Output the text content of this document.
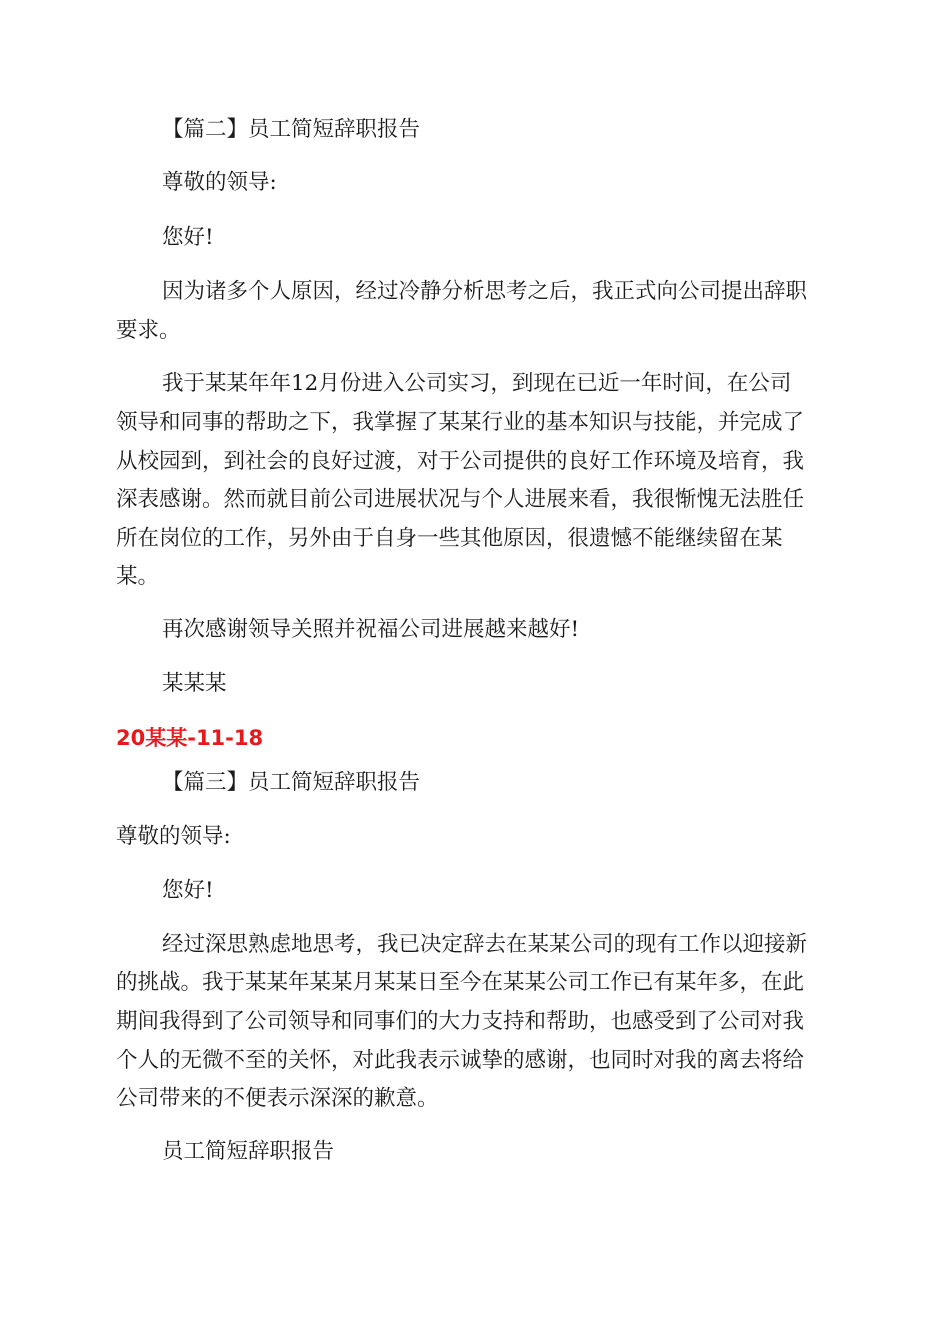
【篇二】员工简短辞职报告

尊敬的领导:

您好!

因为诸多个人原因，经过冷静分析思考之后，我正式向公司提出辞职

要求。

我于某某年年12月份进入公司实习，到现在已近一年时间，在公司

领导和同事的帮助之下，我掌握了某某行业的基本知识与技能，并完成了

从校园到，到社会的良好过渡，对于公司提供的良好工作环境及培育，我

深表感谢。然而就目前公司进展状况与个人进展来看，我很惭愧无法胜任

所在岗位的工作，另外由于自身一些其他原因，很遗憾不能继续留在某

某。

再次感谢领导关照并祝福公司进展越来越好!

某某某

20某某-11-18

【篇三】员工简短辞职报告

尊敬的领导:

您好!

经过深思熟虑地思考，我已决定辞去在某某公司的现有工作以迎接新

的挑战。我于某某年某某月某某日至今在某某公司工作已有某年多，在此

期间我得到了公司领导和同事们的大力支持和帮助，也感受到了公司对我

个人的无微不至的关怀，对此我表示诚挚的感谢，也同时对我的离去将给

公司带来的不便表示深深的歉意。

员工简短辞职报告
